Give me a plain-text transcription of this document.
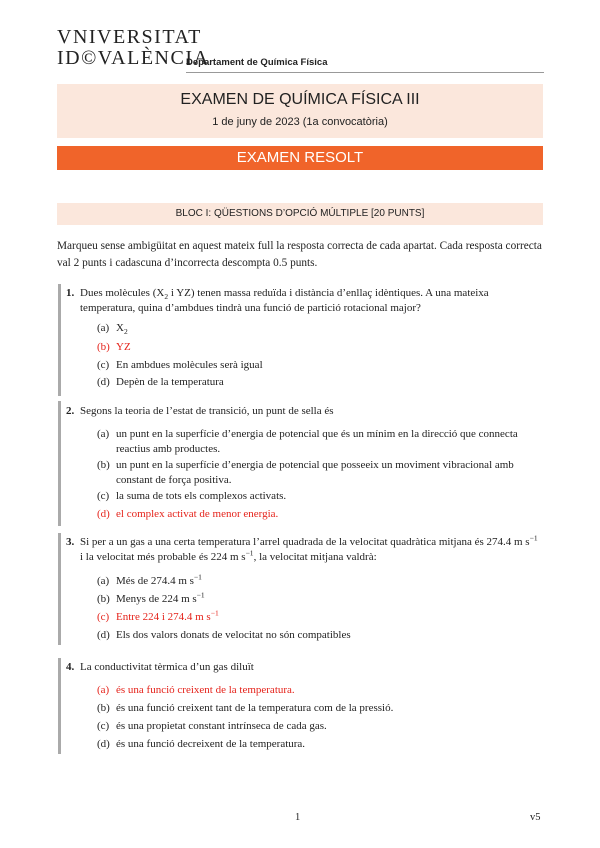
VNIVERSITAT
ID©VALÈNCIA
Departament de Química Física
EXAMEN DE QUÍMICA FÍSICA III
1 de juny de 2023 (1a convocatòria)
EXAMEN RESOLT
BLOC I: QÜESTIONS D’OPCIÓ MÚLTIPLE [20 PUNTS]
Marqueu sense ambigüitat en aquest mateix full la resposta correcta de cada apartat. Cada resposta correcta val 2 punts i cadascuna d’incorrecta descompta 0.5 punts.
1. Dues molècules ($X_2$ i YZ) tenen massa reduïda i distància d’enllaç idèntiques. A una mateixa temperatura, quina d’ambdues tindrà una funció de partició rotacional major?
(a) $X_2$
(b) YZ
(c) En ambdues molècules serà igual
(d) Depèn de la temperatura
2. Segons la teoria de l’estat de transició, un punt de sella és
(a) un punt en la superfície d’energia de potencial que és un mínim en la direcció que connecta reactius amb productes.
(b) un punt en la superfície d’energia de potencial que posseeix un moviment vibracional amb constant de força positiva.
(c) la suma de tots els complexos activats.
(d) el complex activat de menor energia.
3. Si per a un gas a una certa temperatura l’arrel quadrada de la velocitat quadràtica mitjana és 274.4 m $s^{-1}$ i la velocitat més probable és 224 m $s^{-1}$, la velocitat mitjana valdrà:
(a) Més de 274.4 m $s^{-1}$
(b) Menys de 224 m $s^{-1}$
(c) Entre 224 i 274.4 m $s^{-1}$
(d) Els dos valors donats de velocitat no són compatibles
4. La conductivitat tèrmica d’un gas diluït
(a) és una funció creixent de la temperatura.
(b) és una funció creixent tant de la temperatura com de la pressió.
(c) és una propietat constant intrínseca de cada gas.
(d) és una funció decreixent de la temperatura.
1	v5
